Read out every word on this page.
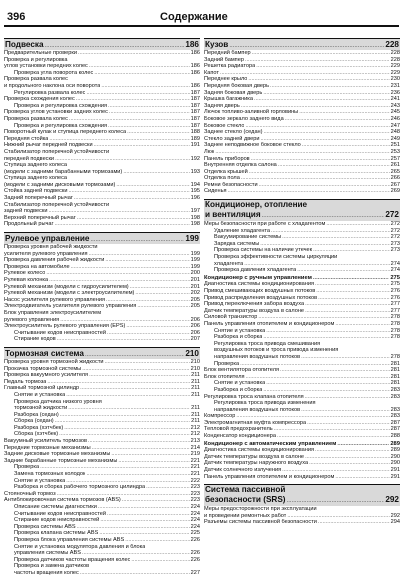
396	Содержание
Подвеска .....	186
Предварительные проверки .....	186
Проверка и регулировка
углов установки передних колес .....	186
Проверка угла поворота колес .....	186
Проверка развала колес
и продольного наклона оси поворота .....	186
Регулировка развала колес .....	187
Проверка схождения колес .....	187
Проверка и регулировка схождения .....	187
Проверка углов установки задних колес .....	187
Проверка развала колес .....	187
Проверка и регулировка схождения .....	187
Поворотный кулак и ступица переднего колеса .....	188
Передняя стойка .....	189
Нижний рычаг передней подвески .....	191
Стабилизатор поперечной устойчивости
передней подвески .....	192
Ступица заднего колеса
(модели с задними барабанными тормозами) .....	193
Ступица заднего колеса
(модели с задними дисковыми тормозами) .....	194
Стойка задней подвески .....	195
Задний поперечный рычаг .....	196
Стабилизатор поперечной устойчивости
задней подвески .....	197
Верхний поперечный рычаг .....	198
Продольный рычаг .....	198
Рулевое управление .....	199
Проверка уровня рабочей жидкости
усилителя рулевого управления .....	199
Проверка давления рабочей жидкости .....	199
Проверка на автомобиле .....	199
Рулевое колесо .....	200
Рулевая колонка .....	201
Рулевой механизм (модели с гидроусилителем) .....	201
Рулевой механизм (модели с электроусилителем) .....	202
Насос усилителя рулевого управления .....	205
Электродвигатель усилителя рулевого управления .....	205
Блок управления электроусилителем
рулевого управления .....	206
Электроусилитель рулевого управления (EPS) .....	206
Считывание кодов неисправностей .....	206
Стирание кодов .....	207
Тормозная система .....	210
Проверка уровня тормозной жидкости .....	210
Прокачка тормозной системы .....	210
Проверка вакуумного усилителя .....	211
Педаль тормоза .....	211
Главный тормозной цилиндр .....	211
Снятие и установка .....	211
Проверка датчика низкого уровня
тормозной жидкости .....	211
Разборка (седан) .....	211
Сборка (седан) .....	211
Разборка (хэтчбек) .....	212
Сборка (хэтчбек) .....	212
Вакуумный усилитель тормозов .....	213
Передние тормозные механизмы .....	214
Задние дисковые тормозные механизмы .....	219
Задние барабанные тормозные механизмы .....	221
Проверка .....	221
Замена тормозных колодок .....	221
Снятие и установка .....	222
Разборка и сборка рабочего тормозного цилиндра .....	223
Стояночный тормоз .....	223
Антиблокировочная система тормозов (ABS) .....	223
Описание системы диагностики .....	224
Считывание кодов неисправностей .....	224
Стирание кодов неисправностей .....	224
Проверка системы ABS .....	224
Проверка клапана системы ABS .....	225
Проверка блока управления системы ABS .....	226
Снятие и установка модулятора давления и блока
управления системы ABS .....	226
Проверка датчиков частоты вращения колес .....	226
Проверка и замена датчиков
частоты вращения колес .....	227
Кузов .....	228
Передний бампер .....	228
Задний бампер .....	228
Решетка радиатора .....	229
Капот .....	229
Переднее крыло .....	230
Передняя боковая дверь .....	231
Задняя боковая дверь .....	236
Крышка багажника .....	241
Задняя дверь .....	243
Лючок топливо-заливной горловины .....	245
Боковое зеркало заднего вида .....	246
Боковое стекло .....	247
Заднее стекло (седан) .....	248
Стекло задней двери .....	249
Заднее неподвижное боковое стекло .....	251
Люк .....	253
Панель приборов .....	257
Внутренняя отделка салона .....	261
Отделка крышей .....	265
Отделка пола .....	266
Ремни безопасности .....	267
Сиденья .....	269
Кондиционер, отопление
и вентиляция .....	272
Меры безопасности при работе с хладагентом .....	272
Удаление хладагента .....	272
Вакуумирование системы .....	272
Зарядка системы .....	273
Проверка системы на наличие утечек .....	273
Проверка эффективности системы циркуляции
хладагента .....	274
Проверка давления хладагента .....	274
Кондиционер с ручным управлением .....	275
Диагностика системы кондиционирования .....	275
Привод смешивающих воздушных потоков .....	276
Привод распределения воздушных потоков .....	276
Привод переключения забора воздуха .....	277
Датчик температуры воздуха в салоне .....	277
Силовой транзистор .....	278
Панель управления отопителем и кондиционером .....	278
Снятие и установка .....	278
Разборка и сборка .....	278
Регулировка троса привода смешивания
воздушных потоков и троса привода изменения
направления воздушных потоков .....	278
Проверка .....	281
Блок вентилятора отопителя .....	281
Блок отопителя .....	281
Снятие и установка .....	281
Разборка и сборка .....	283
Регулировка троса клапана отопителя .....	283
Регулировка троса привода изменения
направления воздушных потоков .....	283
Компрессор .....	283
Электромагнитная муфта компрессора .....	287
Тепловой предохранитель .....	287
Конденсатор кондиционера .....	288
Кондиционер с автоматическим управлением .....	289
Диагностика системы кондиционирования .....	289
Датчик температуры воздуха в салоне .....	290
Датчик температуры наружного воздуха .....	290
Датчик солнечного излучения .....	291
Панель управления отопителем и кондиционером .....	291
Система пассивной
безопасности (SRS) .....	292
Меры предосторожности при эксплуатации
и проведении ремонтных работ .....	292
Разъемы системы пассивной безопасности .....	294
